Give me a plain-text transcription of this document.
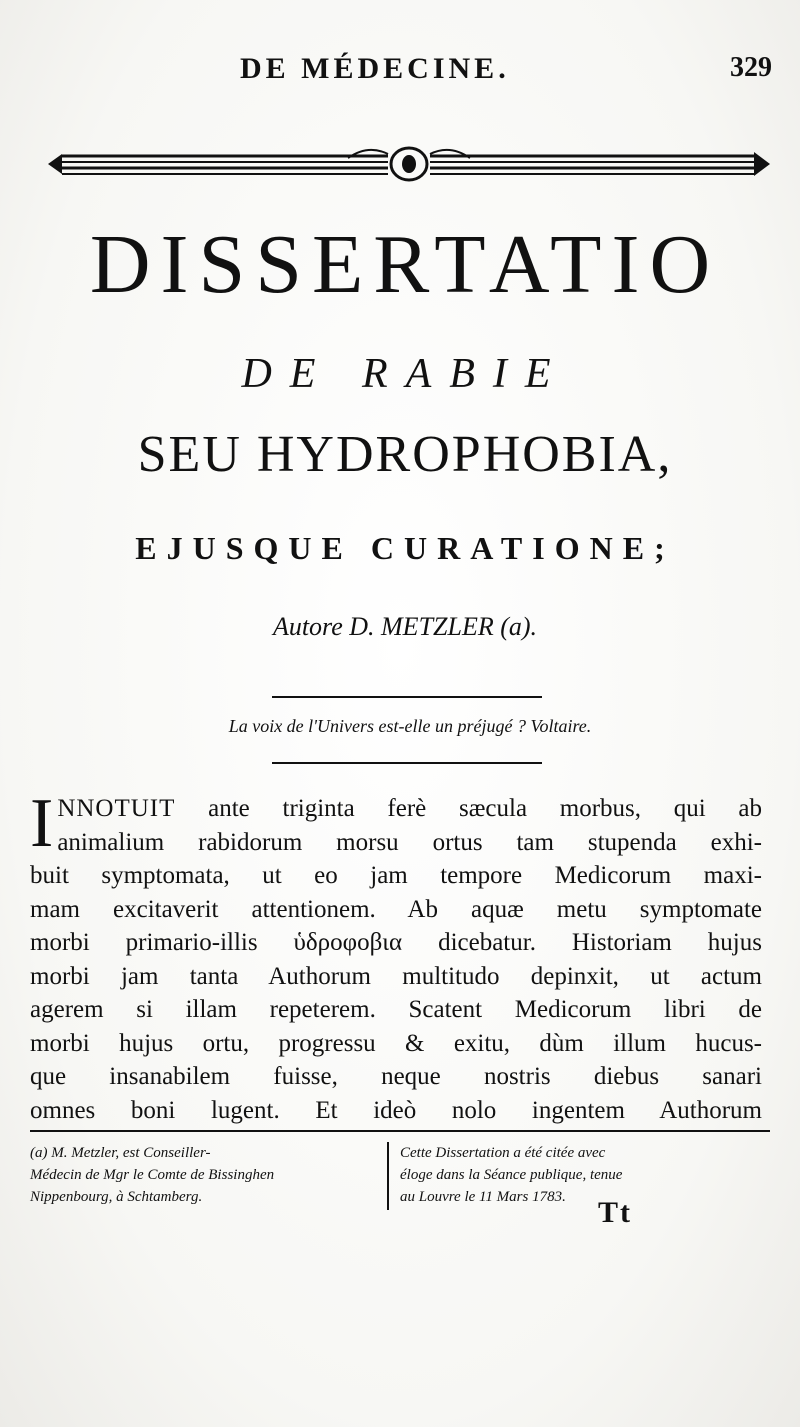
DE MÉDECINE.	329
DISSERTATIO
DE RABIE
SEU HYDROPHOBIA,
EJUSQUE CURATIONE;
Autore D. METZLER (a).
La voix de l'Univers est-elle un préjugé ? Voltaire.
I NNOTUIT ante triginta ferè sæcula morbus, qui ab
animalium rabidorum morsu ortus tam stupenda exhi-
buit symptomata, ut eo jam tempore Medicorum maxi-
mam excitaverit attentionem. Ab aquæ metu symptomate
morbi primario-illis ὑδροφοβια dicebatur. Historiam hujus
morbi jam tanta Authorum multitudo depinxit, ut actum
agerem si illam repeterem. Scatent Medicorum libri de
morbi hujus ortu, progressu & exitu, dùm illum hucus-
que insanabilem fuisse, neque nostris diebus sanari
omnes boni lugent. Et ideò nolo ingentem Authorum
(a) M. Metzler, est Conseiller-
Médecin de Mgr le Comte de Bissinghen
Nippenbourg, à Schtamberg.
Cette Dissertation a été citée avec
éloge dans la Séance publique, tenue
au Louvre le 11 Mars 1783.	Tt
